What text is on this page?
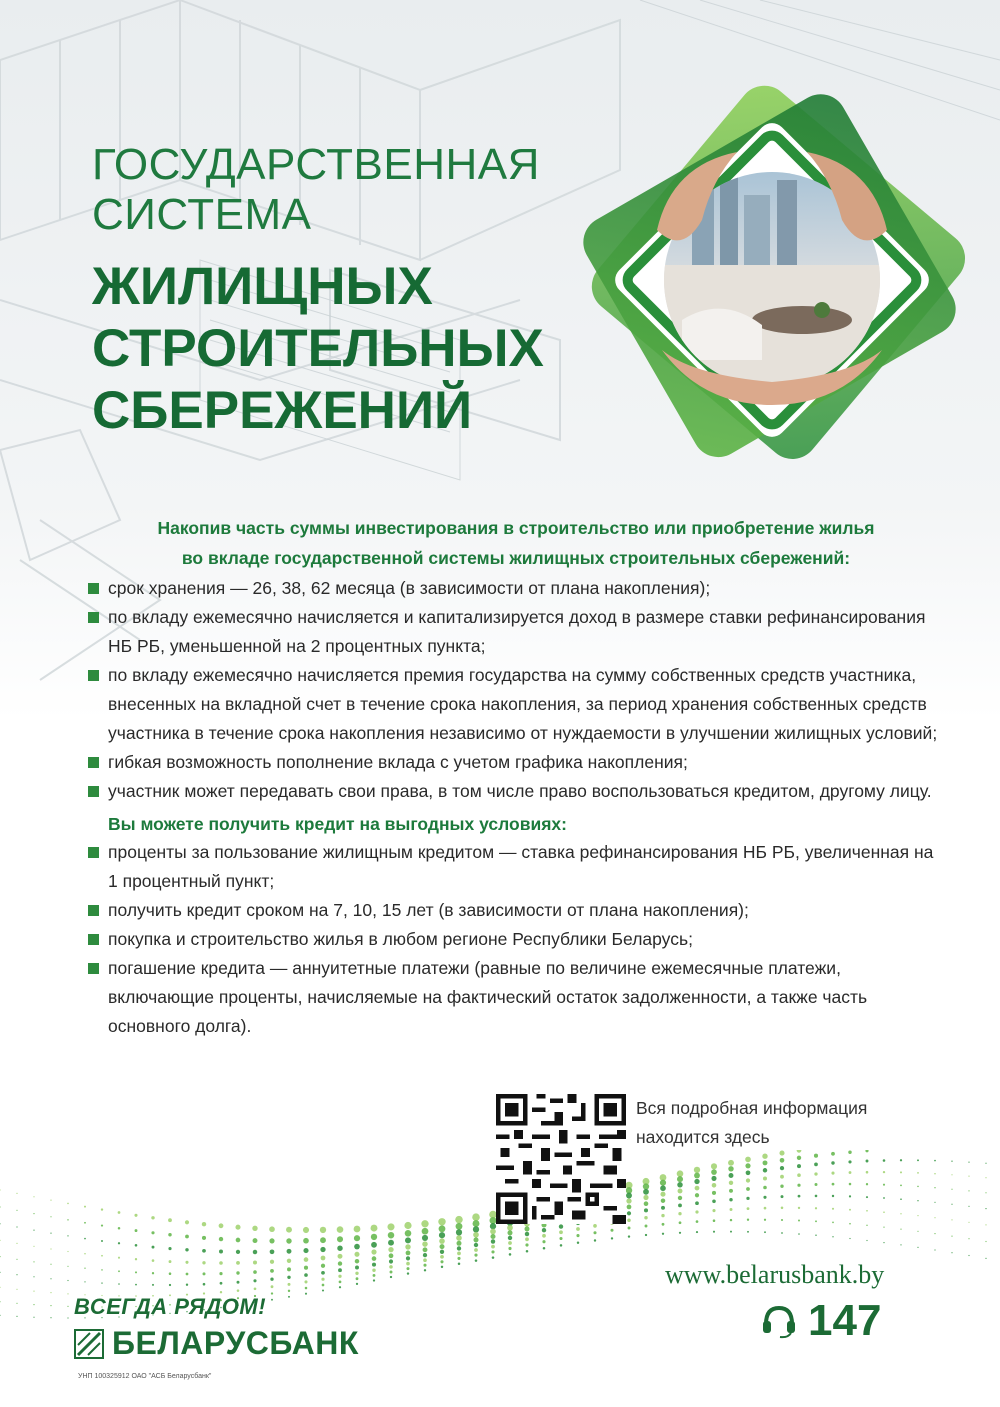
ГОСУДАРСТВЕННАЯ
СИСТЕМА
ЖИЛИЩНЫХ
СТРОИТЕЛЬНЫХ
СБЕРЕЖЕНИЙ
Накопив часть суммы инвестирования в строительство или приобретение жилья
во вкладе государственной системы жилищных строительных сбережений:
срок хранения — 26, 38, 62 месяца (в зависимости от плана накопления);
по вкладу ежемесячно начисляется и капитализируется доход в размере ставки рефинансирования НБ РБ, уменьшенной на 2 процентных пункта;
по вкладу ежемесячно начисляется премия государства на сумму собственных средств участника, внесенных на вкладной счет в течение срока накопления, за период хранения собственных средств участника в течение срока накопления независимо от нуждаемости в улучшении жилищных условий;
гибкая возможность пополнение вклада с учетом графика накопления;
участник может передавать свои права, в том числе право воспользоваться кредитом, другому лицу.
Вы можете получить кредит на выгодных условиях:
проценты за пользование жилищным кредитом — ставка рефинансирования НБ РБ, увеличенная на 1 процентный пункт;
получить кредит сроком на 7, 10, 15 лет (в зависимости от плана накопления);
покупка и строительство жилья в любом регионе Республики Беларусь;
погашение кредита — аннуитетные платежи (равные по величине ежемесячные платежи, включающие проценты, начисляемые на фактический остаток задолженности, а также часть основного долга).
Вся подробная информация находится здесь
ВСЕГДА РЯДОМ!
БЕЛАРУСБАНК
УНП 100325912 ОАО "АСБ Беларусбанк"
www.belarusbank.by
147
